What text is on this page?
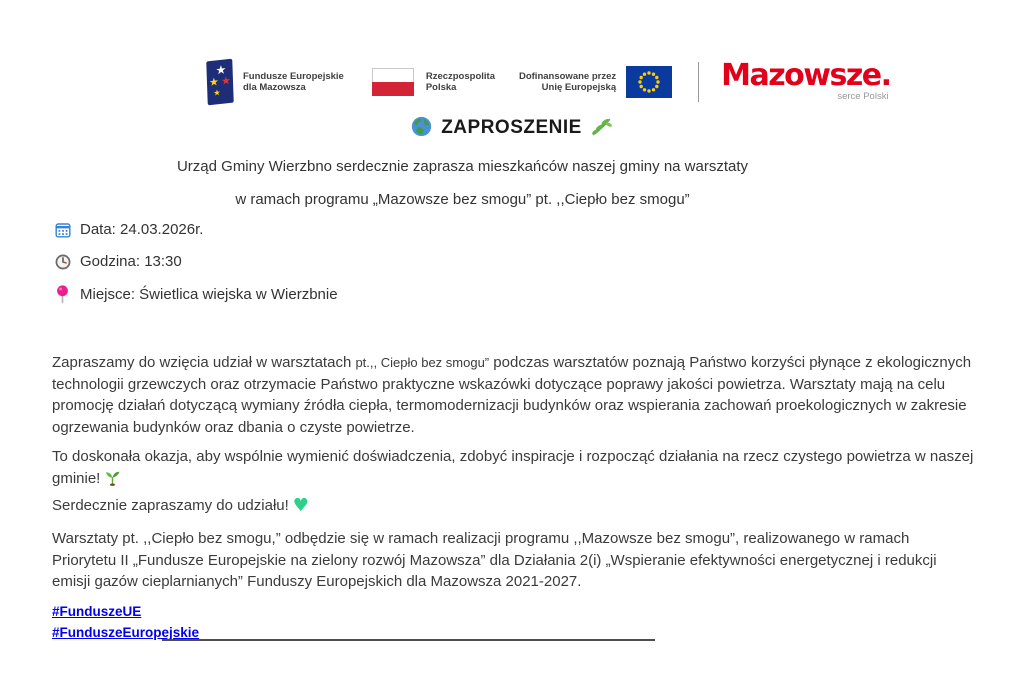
★
★ ★
★
Fundusze Europejskie
dla Mazowsza
Rzeczpospolita
Polska
Dofinansowane przez
Unię Europejską	Mazowsze.
serce Polski
ZAPROSZENIE
Urząd Gminy Wierzbno serdecznie zaprasza mieszkańców naszej gminy na warsztaty
w ramach programu „Mazowsze bez smogu” pt. ,,Ciepło bez smogu”
Data: 24.03.2026r.
Godzina: 13:30
Miejsce: Świetlica wiejska w Wierzbnie
Zapraszamy do wzięcia udział w warsztatach pt.,, Ciepło bez smogu” podczas warsztatów poznają Państwo korzyści płynące z ekologicznych technologii grzewczych oraz otrzymacie Państwo praktyczne wskazówki dotyczące poprawy jakości powietrza. Warsztaty mają na celu promocję działań dotyczącą wymiany źródła ciepła, termomodernizacji budynków oraz wspierania zachowań proekologicznych w zakresie ogrzewania budynków oraz dbania o czyste powietrze.
To doskonała okazja, aby wspólnie wymienić doświadczenia, zdobyć inspiracje i rozpocząć działania na rzecz czystego powietrza w naszej gminie!
Serdecznie zapraszamy do udziału! ♥
Warsztaty pt. ,,Ciepło bez smogu,” odbędzie się w ramach realizacji programu ,,Mazowsze bez smogu”, realizowanego w ramach Priorytetu II „Fundusze Europejskie na zielony rozwój Mazowsza” dla Działania 2(i) „Wspieranie efektywności energetycznej i redukcji emisji gazów cieplarnianych” Funduszy Europejskich dla Mazowsza 2021-2027.
#FunduszeUE
#FunduszeEuropejskie
